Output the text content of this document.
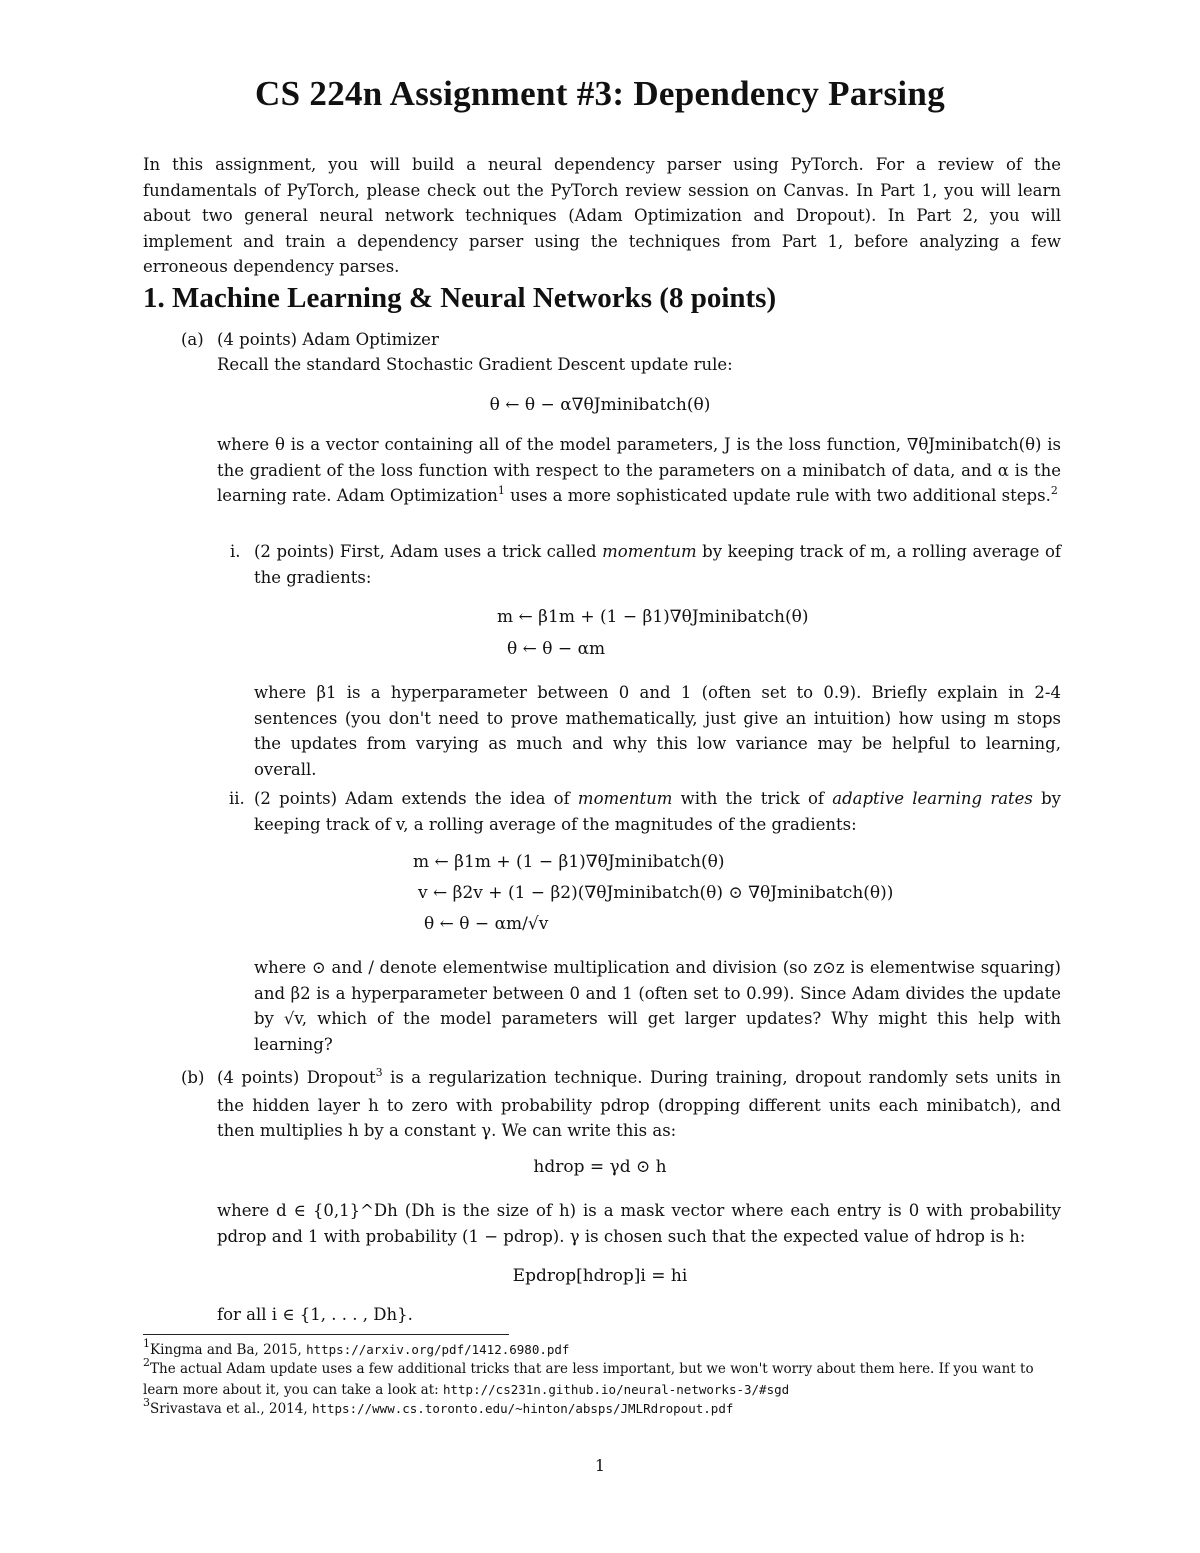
CS 224n Assignment #3: Dependency Parsing
In this assignment, you will build a neural dependency parser using PyTorch. For a review of the fundamentals of PyTorch, please check out the PyTorch review session on Canvas. In Part 1, you will learn about two general neural network techniques (Adam Optimization and Dropout). In Part 2, you will implement and train a dependency parser using the techniques from Part 1, before analyzing a few erroneous dependency parses.
1. Machine Learning & Neural Networks (8 points)
(a) (4 points) Adam Optimizer
Recall the standard Stochastic Gradient Descent update rule:
θ ← θ − α∇θJminibatch(θ)
where θ is a vector containing all of the model parameters, J is the loss function, ∇θJminibatch(θ) is the gradient of the loss function with respect to the parameters on a minibatch of data, and α is the learning rate. Adam Optimization$^1$ uses a more sophisticated update rule with two additional steps.$^2$
i. (2 points) First, Adam uses a trick called momentum by keeping track of m, a rolling average of the gradients:
m ← β1m + (1 − β1)∇θJminibatch(θ)
θ ← θ − αm
where β1 is a hyperparameter between 0 and 1 (often set to 0.9). Briefly explain in 2-4 sentences (you don't need to prove mathematically, just give an intuition) how using m stops the updates from varying as much and why this low variance may be helpful to learning, overall.
ii. (2 points) Adam extends the idea of momentum with the trick of adaptive learning rates by keeping track of v, a rolling average of the magnitudes of the gradients:
m ← β1m + (1 − β1)∇θJminibatch(θ)
v ← β2v + (1 − β2)(∇θJminibatch(θ) ⊙ ∇θJminibatch(θ))
θ ← θ − αm/√v
where ⊙ and / denote elementwise multiplication and division (so z⊙z is elementwise squaring) and β2 is a hyperparameter between 0 and 1 (often set to 0.99). Since Adam divides the update by √v, which of the model parameters will get larger updates? Why might this help with learning?
(b) (4 points) Dropout$^3$ is a regularization technique. During training, dropout randomly sets units in the hidden layer h to zero with probability pdrop (dropping different units each minibatch), and then multiplies h by a constant γ. We can write this as:
hdrop = γd ⊙ h
where d ∈ {0,1}^Dh (Dh is the size of h) is a mask vector where each entry is 0 with probability pdrop and 1 with probability (1 − pdrop). γ is chosen such that the expected value of hdrop is h:
Epdrop[hdrop]i = hi
for all i ∈ {1, . . . , Dh}.
$^1$Kingma and Ba, 2015, https://arxiv.org/pdf/1412.6980.pdf
$^2$The actual Adam update uses a few additional tricks that are less important, but we won't worry about them here. If you want to learn more about it, you can take a look at: http://cs231n.github.io/neural-networks-3/#sgd
$^3$Srivastava et al., 2014, https://www.cs.toronto.edu/~hinton/absps/JMLRdropout.pdf
1
